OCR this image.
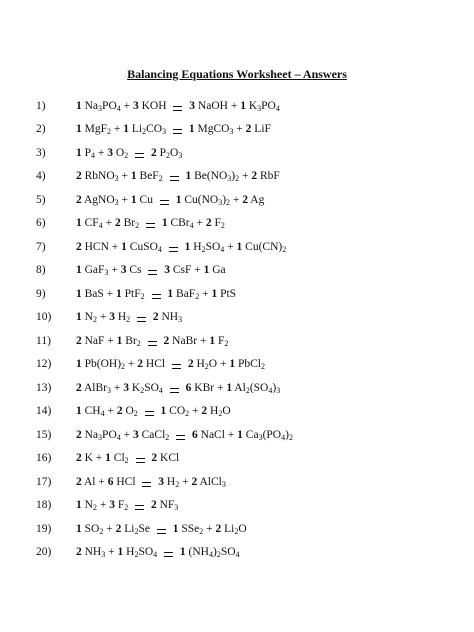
Balancing Equations Worksheet – Answers
1)	1 $Na_3PO_4 + 3$ KOH  3 NaOH + 1 $K_3PO_4$
2)	1 MgF$_2$ + 1 $Li_2CO_3$ 1 MgCO$_3$ + 2 LiF
3)	1 $P_4 + 3$ $O_2$ 2 $P_2O_3$
4)	2 RbNO$_3$ + 1 BeF$_2$ 1 $Be(NO_3)_2 + 2$ RbF
5)	2 AgNO$_3$ + 1 Cu  1 $Cu(NO_3)_2 + 2$ Ag
6)	1 $CF_4 + 2$ $Br_2$ 1 CBr$_4$ + 2 $F_2$
7)	2 HCN + 1 CuSO$_4$ 1 $H_2SO_4 + 1$ $Cu(CN)_2$
8)	1 GaF$_3$ + 3 Cs  3 CsF + 1 Ga
9)	1 BaS + 1 PtF$_2$ 1 BaF$_2$ + 1 PtS
10)	1 $N_2 + 3$ $H_2$ 2 $NH_3$
11)	2 NaF + 1 $Br_2$ 2 NaBr + 1 $F_2$
12)	1 $Pb(OH)_2 + 2$ HCl  2 $H_2O + 1$ PbCl$_2$
13)	2 AlBr$_3$ + 3 $K_2SO_4$ 6 KBr + 1 $Al_2(SO_4)_3$
14)	1 $CH_4 + 2$ $O_2$ 1 $CO_2 + 2$ $H_2O$
15)	2 $Na_3PO_4 + 3$ CaCl$_2$ 6 NaCl + 1 $Ca_3(PO_4)_2$
16)	2 K + 1 $Cl_2$ 2 KCl
17)	2 Al + 6 HCl  3 $H_2 + 2$ AlCl$_3$
18)	1 $N_2 + 3$ $F_2$ 2 $NF_3$
19)	1 $SO_2 + 2$ $Li_2Se$  1 SSe$_2$ + 2 $Li_2O$
20)	2 $NH_3 + 1$ $H_2SO_4$ 1 $(NH_4)_2SO_4$
